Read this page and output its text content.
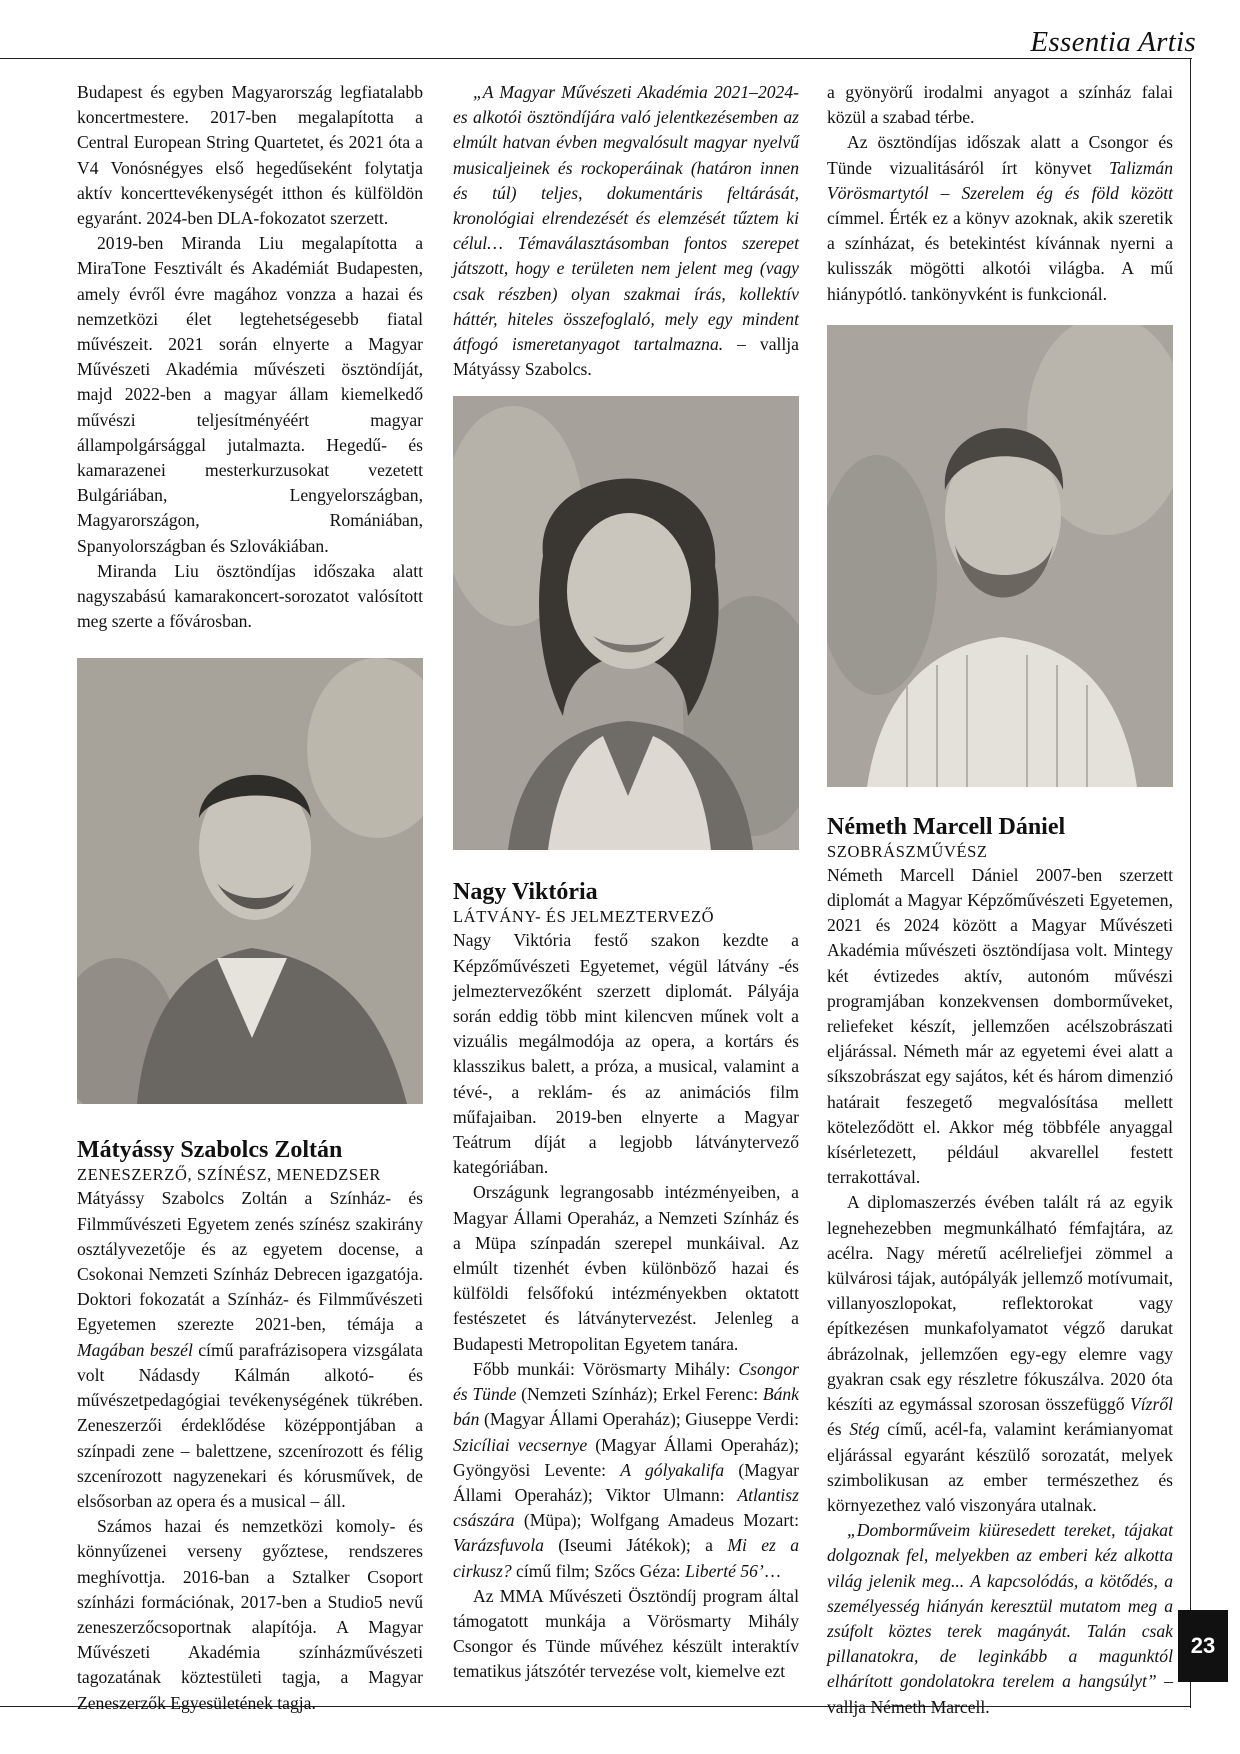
Essentia Artis
23

Budapest és egyben Magyarország legfiatalabb koncertmestere. 2017-ben megalapította a Central European String Quartetet, és 2021 óta a V4 Vonósnégyes első hegedűseként folytatja aktív koncerttevékenységét itthon és külföldön egyaránt. 2024-ben DLA-fokozatot szerzett.

2019-ben Miranda Liu megalapította a MiraTone Fesztivált és Akadémiát Budapesten, amely évről évre magához vonzza a hazai és nemzetközi élet legtehetségesebb fiatal művészeit. 2021 során elnyerte a Magyar Művészeti Akadémia művészeti ösztöndíját, majd 2022-ben a magyar állam kiemelkedő művészi teljesítményéért magyar állampolgársággal jutalmazta. Hegedű- és kamarazenei mesterkurzusokat vezetett Bulgáriában, Lengyelországban, Magyarországon, Romániában, Spanyolországban és Szlovákiában.

Miranda Liu ösztöndíjas időszaka alatt nagyszabású kamarakoncert-sorozatot valósított meg szerte a fővárosban.

Mátyássy Szabolcs Zoltán
ZENESZERZŐ, SZÍNÉSZ, MENEDZSER

Mátyássy Szabolcs Zoltán a Színház- és Filmművészeti Egyetem zenés színész szakirány osztályvezetője és az egyetem docense, a Csokonai Nemzeti Színház Debrecen igazgatója. Doktori fokozatát a Színház- és Filmművészeti Egyetemen szerezte 2021-ben, témája a Magában beszél című parafrázisopera vizsgálata volt Nádasdy Kálmán alkotó- és művészetpedagógiai tevékenységének tükrében. Zeneszerzői érdeklődése középpontjában a színpadi zene – balettzene, szcenírozott és félig szcenírozott nagyzenekari és kórusművek, de elsősorban az opera és a musical – áll.

Számos hazai és nemzetközi komoly- és könnyűzenei verseny győztese, rendszeres meghívottja. 2016-ban a Sztalker Csoport színházi formációnak, 2017-ben a Studio5 nevű zeneszerzőcsoportnak alapítója. A Magyar Művészeti Akadémia színházművészeti tagozatának köztestületi tagja, a Magyar Zeneszerzők Egyesületének tagja.

„A Magyar Művészeti Akadémia 2021–2024-es alkotói ösztöndíjára való jelentkezésemben az elmúlt hatvan évben megvalósult magyar nyelvű musicaljeinek és rockoperáinak (határon innen és túl) teljes, dokumentáris feltárását, kronológiai elrendezését és elemzését tűztem ki célul… Témaválasztásomban fontos szerepet játszott, hogy e területen nem jelent meg (vagy csak részben) olyan szakmai írás, kollektív háttér, hiteles összefoglaló, mely egy mindent átfogó ismeretanyagot tartalmazna. – vallja Mátyássy Szabolcs.

Nagy Viktória
LÁTVÁNY- ÉS JELMEZTERVEZŐ

Nagy Viktória festő szakon kezdte a Képzőművészeti Egyetemet, végül látvány -és jelmeztervezőként szerzett diplomát. Pályája során eddig több mint kilencven műnek volt a vizuális megálmodója az opera, a kortárs és klasszikus balett, a próza, a musical, valamint a tévé-, a reklám- és az animációs film műfajaiban. 2019-ben elnyerte a Magyar Teátrum díját a legjobb látványtervező kategóriában.

Országunk legrangosabb intézményeiben, a Magyar Állami Operaház, a Nemzeti Színház és a Müpa színpadán szerepel munkáival. Az elmúlt tizenhét évben különböző hazai és külföldi felsőfokú intézményekben oktatott festészetet és látványtervezést. Jelenleg a Budapesti Metropolitan Egyetem tanára.

Főbb munkái: Vörösmarty Mihály: Csongor és Tünde (Nemzeti Színház); Erkel Ferenc: Bánk bán (Magyar Állami Operaház); Giuseppe Verdi: Szicíliai vecsernye (Magyar Állami Operaház); Gyöngyösi Levente: A gólyakalifa (Magyar Állami Operaház); Viktor Ulmann: Atlantisz császára (Müpa); Wolfgang Amadeus Mozart: Varázsfuvola (Iseumi Játékok); a Mi ez a cirkusz? című film; Szőcs Géza: Liberté 56’…

Az MMA Művészeti Ösztöndíj program által támogatott munkája a Vörösmarty Mihály Csongor és Tünde művéhez készült interaktív tematikus játszótér tervezése volt, kiemelve ezt

a gyönyörű irodalmi anyagot a színház falai közül a szabad térbe.

Az ösztöndíjas időszak alatt a Csongor és Tünde vizualitásáról írt könyvet Talizmán Vörösmartytól – Szerelem ég és föld között címmel. Érték ez a könyv azoknak, akik szeretik a színházat, és betekintést kívánnak nyerni a kulisszák mögötti alkotói világba. A mű hiánypótló. tankönyvként is funkcionál.

Németh Marcell Dániel
SZOBRÁSZMŰVÉSZ

Németh Marcell Dániel 2007-ben szerzett diplomát a Magyar Képzőművészeti Egyetemen, 2021 és 2024 között a Magyar Művészeti Akadémia művészeti ösztöndíjasa volt. Mintegy két évtizedes aktív, autonóm művészi programjában konzekvensen domborműveket, reliefeket készít, jellemzően acélszobrászati eljárással. Németh már az egyetemi évei alatt a síkszobrászat egy sajátos, két és három dimenzió határait feszegető megvalósítása mellett köteleződött el. Akkor még többféle anyaggal kísérletezett, például akvarellel festett terrakottával.

A diplomaszerzés évében talált rá az egyik legnehezebben megmunkálható fémfajtára, az acélra. Nagy méretű acélreliefjei zömmel a külvárosi tájak, autópályák jellemző motívumait, villanyoszlopokat, reflektorokat vagy építkezésen munkafolyamatot végző darukat ábrázolnak, jellemzően egy-egy elemre vagy gyakran csak egy részletre fókuszálva. 2020 óta készíti az egymással szorosan összefüggő Vízről és Stég című, acél-fa, valamint kerámianyomat eljárással egyaránt készülő sorozatát, melyek szimbolikusan az ember természethez és környezethez való viszonyára utalnak.

„Domborműveim kiüresedett tereket, tájakat dolgoznak fel, melyekben az emberi kéz alkotta világ jelenik meg... A kapcsolódás, a kötődés, a személyesség hiányán keresztül mutatom meg a zsúfolt köztes terek magányát. Talán csak pillanatokra, de leginkább a magunktól elhárított gondolatokra terelem a hangsúlyt” – vallja Németh Marcell.
